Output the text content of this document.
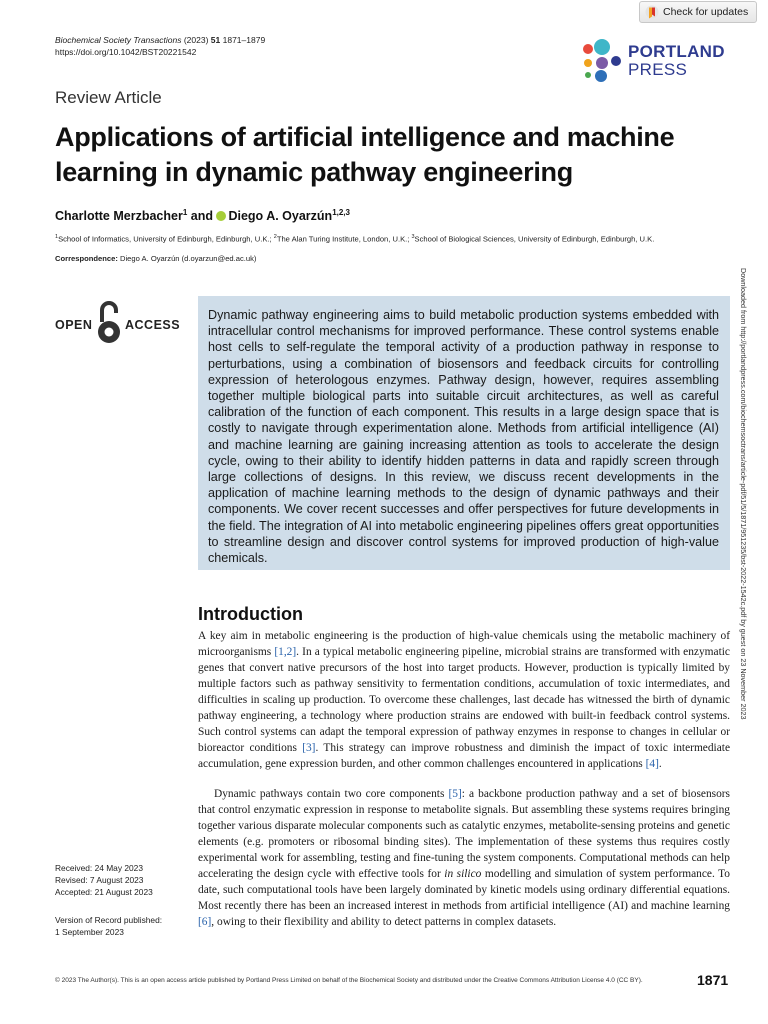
Check for updates
Biochemical Society Transactions (2023) 51 1871–1879
https://doi.org/10.1042/BST20221542	PORTLAND
PRESS
Review Article
Applications of artificial intelligence and machine learning in dynamic pathway engineering
Charlotte Merzbacher$^1$ and Diego A. Oyarzún$^{1,2,3}$
$^1$School of Informatics, University of Edinburgh, Edinburgh, U.K.; $^2$The Alan Turing Institute, London, U.K.; $^3$School of Biological Sciences, University of Edinburgh, Edinburgh, U.K.
Correspondence: Diego A. Oyarzún (d.oyarzun@ed.ac.uk)
OPEN	ACCESS
Dynamic pathway engineering aims to build metabolic production systems embedded with intracellular control mechanisms for improved performance. These control systems enable host cells to self-regulate the temporal activity of a production pathway in response to perturbations, using a combination of biosensors and feedback circuits for controlling expression of heterologous enzymes. Pathway design, however, requires assembling together multiple biological parts into suitable circuit architectures, as well as careful calibration of the function of each component. This results in a large design space that is costly to navigate through experimentation alone. Methods from artificial intelligence (AI) and machine learning are gaining increasing attention as tools to accelerate the design cycle, owing to their ability to identify hidden patterns in data and rapidly screen through large collections of designs. In this review, we discuss recent developments in the application of machine learning methods to the design of dynamic pathways and their components. We cover recent successes and offer perspectives for future developments in the field. The integration of AI into metabolic engineering pipelines offers great opportunities to streamline design and discover control systems for improved production of high-value chemicals.	Downloaded from http://portlandpress.com/biochemsoctrans/article-pdf/51/5/1871/951235/bst-2022-1542c.pdf by guest on 23 November 2023
Introduction

A key aim in metabolic engineering is the production of high-value chemicals using the metabolic machinery of microorganisms [1,2]. In a typical metabolic engineering pipeline, microbial strains are transformed with enzymatic genes that convert native precursors of the host into target products. However, production is typically limited by multiple factors such as pathway sensitivity to fermentation conditions, accumulation of toxic intermediates, and difficulties in scaling up production. To overcome these challenges, last decade has witnessed the birth of dynamic pathway engineering, a technology where production strains are endowed with built-in feedback control systems. Such control systems can adapt the temporal expression of pathway enzymes in response to changes in cellular or bioreactor conditions [3]. This strategy can improve robustness and diminish the impact of toxic intermediate accumulation, gene expression burden, and other common challenges encountered in applications [4].

Dynamic pathways contain two core components [5]: a backbone production pathway and a set of biosensors that control enzymatic expression in response to metabolite signals. But assembling these systems requires bringing together various disparate molecular components such as catalytic enzymes, metabolite-sensing proteins and genetic elements (e.g. promoters or ribosomal binding sites). The implementation of these systems thus requires costly experimental work for assembling, testing and fine-tuning the system components. Computational methods can help accelerating the design cycle with effective tools for in silico modelling and simulation of system performance. To date, such computational tools have been largely dominated by kinetic models using ordinary differential equations. Most recently there has been an increased interest in methods from artificial intelligence (AI) and machine learning [6], owing to their flexibility and ability to detect patterns in complex datasets.

Received: 24 May 2023
Revised: 7 August 2023
Accepted: 21 August 2023
Version of Record published:
1 September 2023
© 2023 The Author(s). This is an open access article published by Portland Press Limited on behalf of the Biochemical Society and distributed under the Creative Commons Attribution License 4.0 (CC BY).	1871
